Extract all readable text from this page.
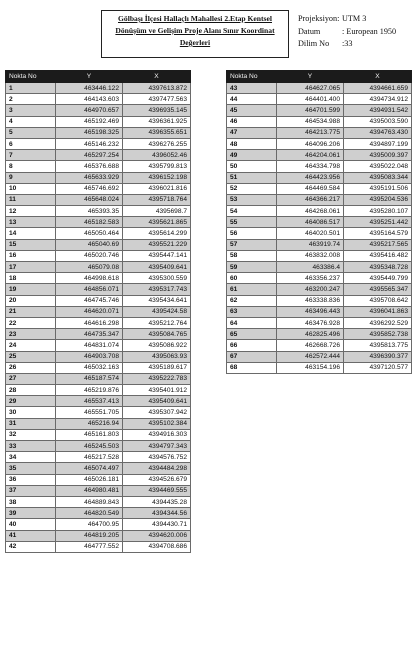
Gölbaşı İlçesi Hallaçlı Mahallesi 2.Etap Kentsel
Dönüşüm ve Gelişim Proje Alanı Sınır Koordinat
Değerleri
Projeksiyon: UTM 3
Datum	: European 1950
Dilim No	:33
Nokta No	Y	X
1	463446.122	4397613.872
2	464143.603	4397477.563
3	464970.657	4396935.145
4	465192.469	4396361.925
5	465198.325	4396355.651
6	465146.232	4396276.255
7	465297.254	4396052.46
8	465376.688	4395799.813
9	465633.929	4396152.198
10	465746.692	4396021.816
11	465648.024	4395718.764
12	465393.35	4395698.7
13	465182.583	4395621.865
14	465050.464	4395614.299
15	465040.69	4395521.229
16	465020.746	4395447.141
17	465079.08	4395409.641
18	464998.618	4395300.559
19	464856.071	4395317.743
20	464745.746	4395434.641
21	464620.071	4395424.58
22	464616.298	4395212.764
23	464735.347	4395084.765
24	464831.074	4395086.922
25	464903.708	4395063.93
26	465032.163	4395189.617
27	465187.574	4395222.783
28	465219.876	4395401.912
29	465537.413	4395409.641
30	465551.705	4395307.942
31	465216.94	4395102.384
32	465161.803	4394916.303
33	465245.503	4394797.343
34	465217.528	4394576.752
35	465074.497	4394484.298
36	465026.181	4394526.679
37	464980.481	4394469.555
38	464889.843	4394435.28
39	464820.549	4394344.56
40	464700.95	4394430.71
41	464819.205	4394620.006
42	464777.552	4394708.686
Nokta No	Y	X
43	464627.065	4394661.659
44	464401.400	4394734.912
45	464701.599	4394931.542
46	464534.988	4395003.590
47	464213.775	4394763.430
48	464096.206	4394897.199
49	464204.061	4395009.397
50	464334.798	4395022.048
51	464423.956	4395083.344
52	464469.584	4395191.506
53	464366.217	4395204.536
54	464268.061	4395280.107
55	464086.517	4395251.442
56	464020.501	4395164.579
57	463919.74	4395217.565
58	463832.008	4395416.482
59	463386.4	4395348.728
60	463356.237	4395449.799
61	463200.247	4395565.347
62	463338.836	4395708.642
63	463496.443	4396041.863
64	463476.928	4396292.529
65	462825.496	4395852.738
66	462668.726	4395813.775
67	462572.444	4396390.377
68	463154.196	4397120.577
